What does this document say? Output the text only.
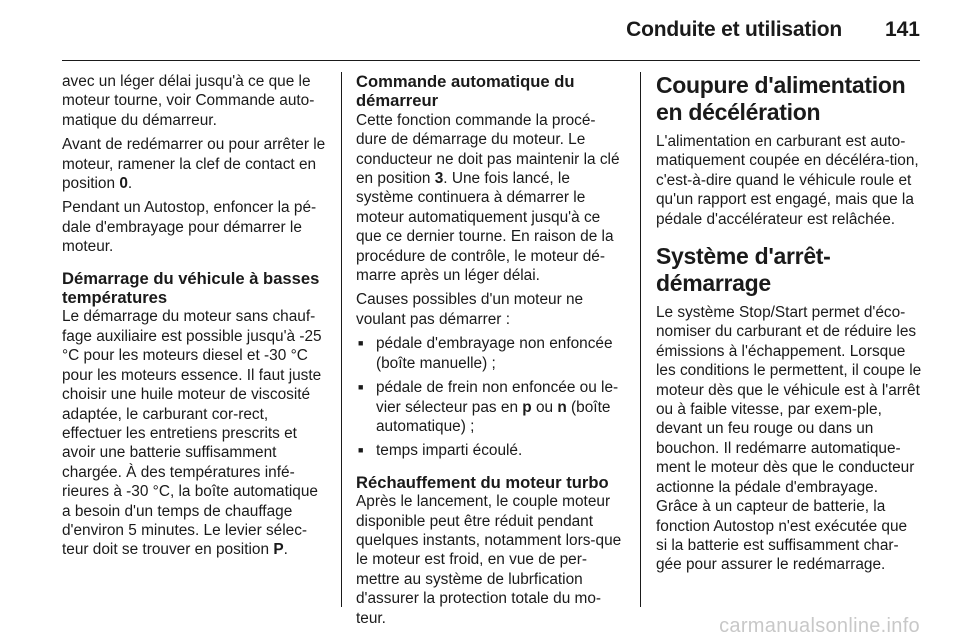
Conduite et utilisation 141

avec un léger délai jusqu'à ce que le moteur tourne, voir Commande auto-matique du démarreur.

Avant de redémarrer ou pour arrêter le moteur, ramener la clef de contact en position 0.

Pendant un Autostop, enfoncer la pé-dale d'embrayage pour démarrer le moteur.

Démarrage du véhicule à basses températures

Le démarrage du moteur sans chauf-fage auxiliaire est possible jusqu'à -25 °C pour les moteurs diesel et -30 °C pour les moteurs essence. Il faut juste choisir une huile moteur de viscosité adaptée, le carburant cor-rect, effectuer les entretiens prescrits et avoir une batterie suffisamment chargée. À des températures infé-rieures à -30 °C, la boîte automatique a besoin d'un temps de chauffage d'environ 5 minutes. Le levier sélec-teur doit se trouver en position P.

Commande automatique du démarreur

Cette fonction commande la procé-dure de démarrage du moteur. Le conducteur ne doit pas maintenir la clé en position 3. Une fois lancé, le système continuera à démarrer le moteur automatiquement jusqu'à ce que ce dernier tourne. En raison de la procédure de contrôle, le moteur dé-marre après un léger délai.

Causes possibles d'un moteur ne voulant pas démarrer :

■ pédale d'embrayage non enfoncée (boîte manuelle) ;
■ pédale de frein non enfoncée ou le-vier sélecteur pas en p ou n (boîte automatique) ;
■ temps imparti écoulé.
Réchauffement du moteur turbo

Après le lancement, le couple moteur disponible peut être réduit pendant quelques instants, notamment lors-que le moteur est froid, en vue de per-mettre au système de lubrfication d'assurer la protection totale du mo-teur.

Coupure d'alimentation en décélération

L'alimentation en carburant est auto-matiquement coupée en décéléra-tion, c'est-à-dire quand le véhicule roule et qu'un rapport est engagé, mais que la pédale d'accélérateur est relâchée.

Système d'arrêt-démarrage

Le système Stop/Start permet d'éco-nomiser du carburant et de réduire les émissions à l'échappement. Lorsque les conditions le permettent, il coupe le moteur dès que le véhicule est à l'arrêt ou à faible vitesse, par exem-ple, devant un feu rouge ou dans un bouchon. Il redémarre automatique-ment le moteur dès que le conducteur actionne la pédale d'embrayage. Grâce à un capteur de batterie, la fonction Autostop n'est exécutée que si la batterie est suffisamment char-gée pour assurer le redémarrage.

carmanualsonline.info
